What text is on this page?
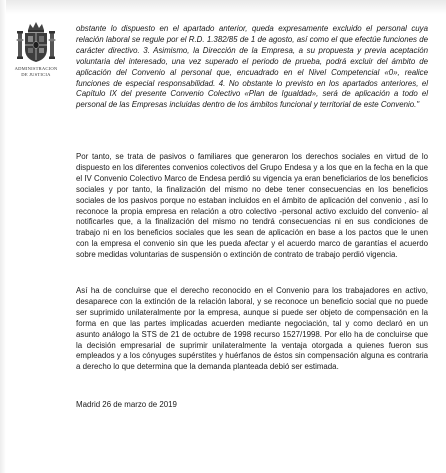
ADMINISTRACION
DE JUSTICIA

obstante lo dispuesto en el apartado anterior, queda expresamente excluido el personal cuya relación laboral se regule por el R.D. 1.382/85 de 1 de agosto, así como el que efectúe funciones de carácter directivo. 3. Asimismo, la Dirección de la Empresa, a su propuesta y previa aceptación voluntaria del interesado, una vez superado el periodo de prueba, podrá excluir del ámbito de aplicación del Convenio al personal que, encuadrado en el Nivel Competencial «0», realice funciones de especial responsabilidad. 4. No obstante lo previsto en los apartados anteriores, el Capítulo IX del presente Convenio Colectivo «Plan de Igualdad», será de aplicación a todo el personal de las Empresas incluidas dentro de los ámbitos funcional y territorial de este Convenio."

Por tanto, se trata de pasivos o familiares que generaron los derechos sociales en virtud de lo dispuesto en los diferentes convenios colectivos del Grupo Endesa y a los que en la fecha en la que el IV Convenio Colectivo Marco de Endesa perdió su vigencia ya eran beneficiarios de los beneficios sociales y por tanto, la finalización del mismo no debe tener consecuencias en los beneficios sociales de los pasivos porque no estaban incluidos en el ámbito de aplicación del convenio , así lo reconoce la propia empresa en relación a otro colectivo -personal activo excluido del convenio- al notificarles que, a la finalización del mismo no tendrá consecuencias ni en sus condiciones de trabajo ni en los beneficios sociales que les sean de aplicación en base a los pactos que le unen con la empresa el convenio sin que les pueda afectar y el acuerdo marco de garantías el acuerdo sobre medidas voluntarias de suspensión o extinción de contrato de trabajo perdió vigencia.

Así ha de concluirse que el derecho reconocido en el Convenio para los trabajadores en activo, desaparece con la extinción de la relación laboral, y se reconoce un beneficio social que no puede ser suprimido unilateralmente por la empresa, aunque si puede ser objeto de compensación en la forma en que las partes implicadas acuerden mediante negociación, tal y como declaró en un asunto análogo la STS de 21 de octubre de 1998 recurso 1527/1998. Por ello ha de concluirse que la decisión empresarial de suprimir unilateralmente la ventaja otorgada a quienes fueron sus empleados y a los cónyuges supérstites y huérfanos de éstos sin compensación alguna es contraria a derecho lo que determina que la demanda planteada debió ser estimada.

Madrid 26 de marzo de 2019
